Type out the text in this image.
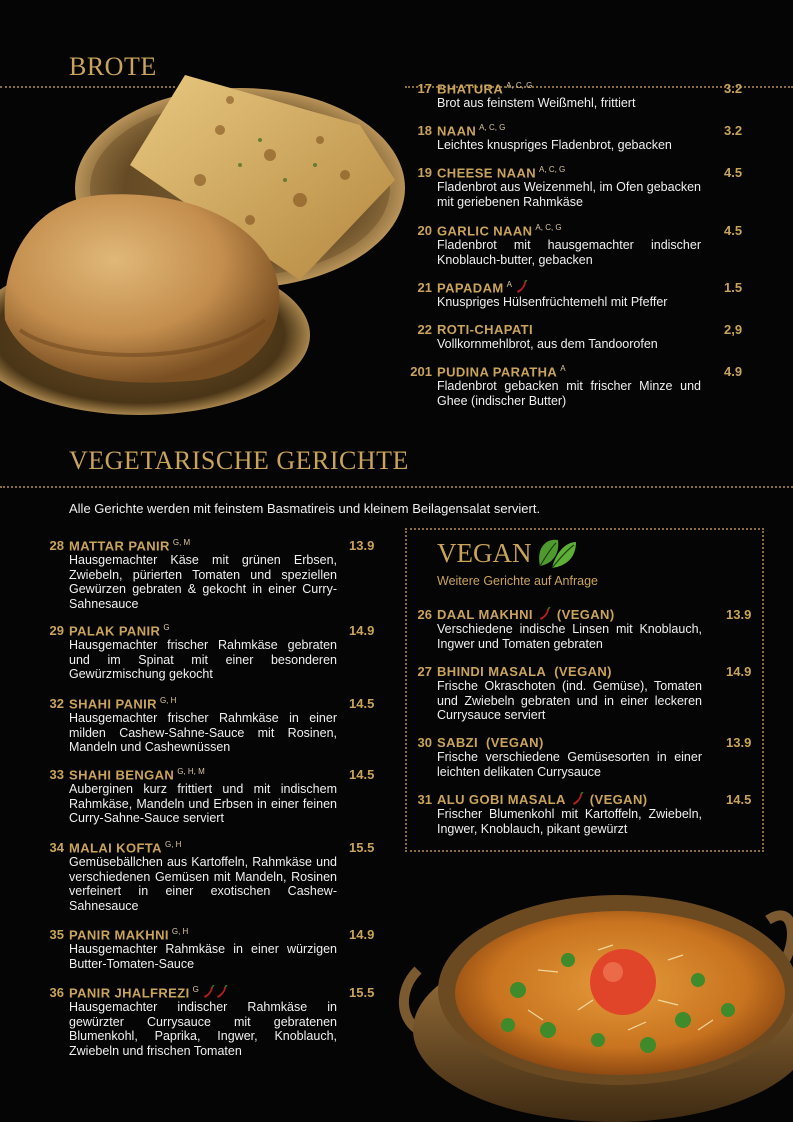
BROTE
VEGETARISCHE GERICHTE
Alle Gerichte werden mit feinstem Basmatireis und kleinem Beilagensalat serviert.
VEGAN
Weitere Gerichte auf Anfrage
17 BHATURA $^{A, C, G}$	3.2
Brot aus feinstem Weißmehl, frittiert
18 NAAN $^{A, C, G}$	3.2
Leichtes knuspriges Fladenbrot, gebacken
19 CHEESE NAAN $^{A, C, G}$	4.5
Fladenbrot aus Weizenmehl, im Ofen gebacken mit geriebenen Rahmkäse
20 GARLIC NAAN $^{A, C, G}$	4.5
Fladenbrot mit hausgemachter indischer Knoblauch-butter, gebacken
21 PAPADAM $^A$	1.5
Knuspriges Hülsenfrüchtemehl mit Pfeffer
22 ROTI-CHAPATI	2,9
Vollkornmehlbrot, aus dem Tandoorofen
201 PUDINA PARATHA $^A$	4.9
Fladenbrot gebacken mit frischer Minze und Ghee (indischer Butter)
28 MATTAR PANIR $^{G, M}$	13.9
Hausgemachter Käse mit grünen Erbsen, Zwiebeln, pürierten Tomaten und speziellen Gewürzen gebraten & gekocht in einer Curry-Sahnesauce
29 PALAK PANIR $^G$	14.9
Hausgemachter frischer Rahmkäse gebraten und im Spinat mit einer besonderen Gewürzmischung gekocht
32 SHAHI PANIR $^{G, H}$	14.5
Hausgemachter frischer Rahmkäse in einer milden Cashew-Sahne-Sauce mit Rosinen, Mandeln und Cashewnüssen
33 SHAHI BENGAN $^{G, H, M}$	14.5
Auberginen kurz frittiert und mit indischem Rahmkäse, Mandeln und Erbsen in einer feinen Curry-Sahne-Sauce serviert
34 MALAI KOFTA $^{G, H}$	15.5
Gemüsebällchen aus Kartoffeln, Rahmkäse und verschiedenen Gemüsen mit Mandeln, Rosinen verfeinert in einer exotischen Cashew-Sahnesauce
35 PANIR MAKHNI $^{G, H}$	14.9
Hausgemachter Rahmkäse in einer würzigen Butter-Tomaten-Sauce
36 PANIR JHALFREZI $^G$	15.5
Hausgemachter indischer Rahmkäse in gewürzter Currysauce mit gebratenen Blumenkohl, Paprika, Ingwer, Knoblauch, Zwiebeln und frischen Tomaten
26 DAAL MAKHNI (VEGAN)	13.9
Verschiedene indische Linsen mit Knoblauch, Ingwer und Tomaten gebraten
27 BHINDI MASALA (VEGAN)	14.9
Frische Okraschoten (ind. Gemüse), Tomaten und Zwiebeln gebraten und in einer leckeren Currysauce serviert
30 SABZI (VEGAN)	13.9
Frische verschiedene Gemüsesorten in einer leichten delikaten Currysauce
31 ALU GOBI MASALA (VEGAN)	14.5
Frischer Blumenkohl mit Kartoffeln, Zwiebeln, Ingwer, Knoblauch, pikant gewürzt
